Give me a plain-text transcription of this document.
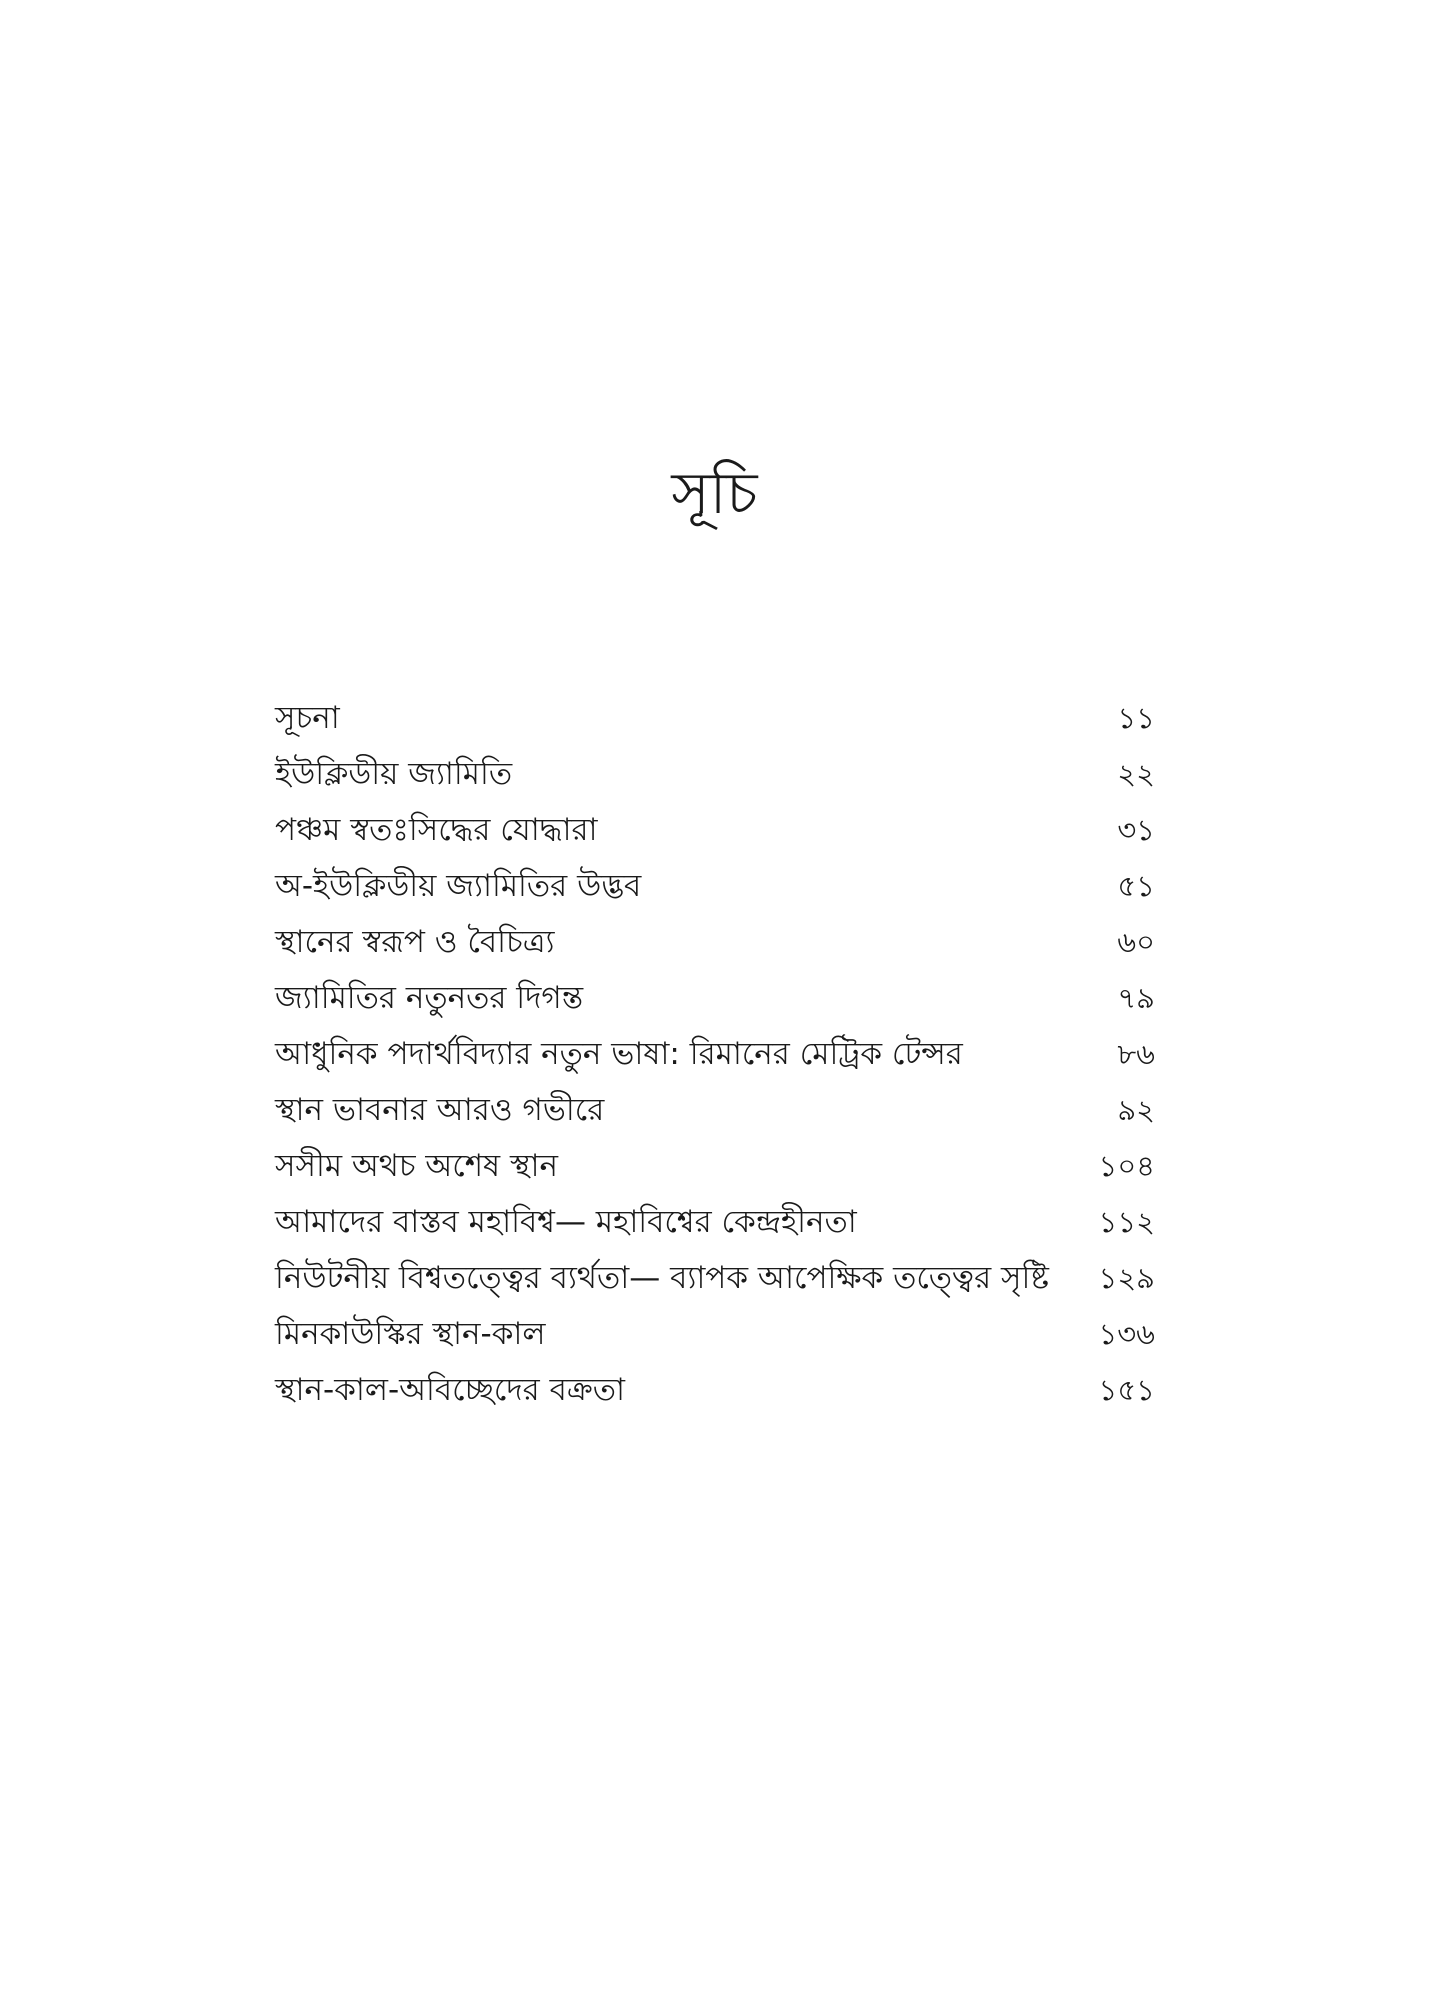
সূচি
সূচনা	১১
ইউক্লিডীয় জ্যামিতি	২২
পঞ্চম স্বতঃসিদ্ধের যোদ্ধারা	৩১
অ-ইউক্লিডীয় জ্যামিতির উদ্ভব	৫১
স্থানের স্বরূপ ও বৈচিত্র্য	৬০
জ্যামিতির নতুনতর দিগন্ত	৭৯
আধুনিক পদার্থবিদ্যার নতুন ভাষা: রিমানের মেট্রিক টেন্সর	৮৬
স্থান ভাবনার আরও গভীরে	৯২
সসীম অথচ অশেষ স্থান	১০৪
আমাদের বাস্তব মহাবিশ্ব— মহাবিশ্বের কেন্দ্রহীনতা	১১২
নিউটনীয় বিশ্বতত্ত্বের ব্যর্থতা— ব্যাপক আপেক্ষিক তত্ত্বের সৃষ্টি	১২৯
মিনকাউস্কির স্থান-কাল	১৩৬
স্থান-কাল-অবিচ্ছেদের বক্রতা	১৫১
